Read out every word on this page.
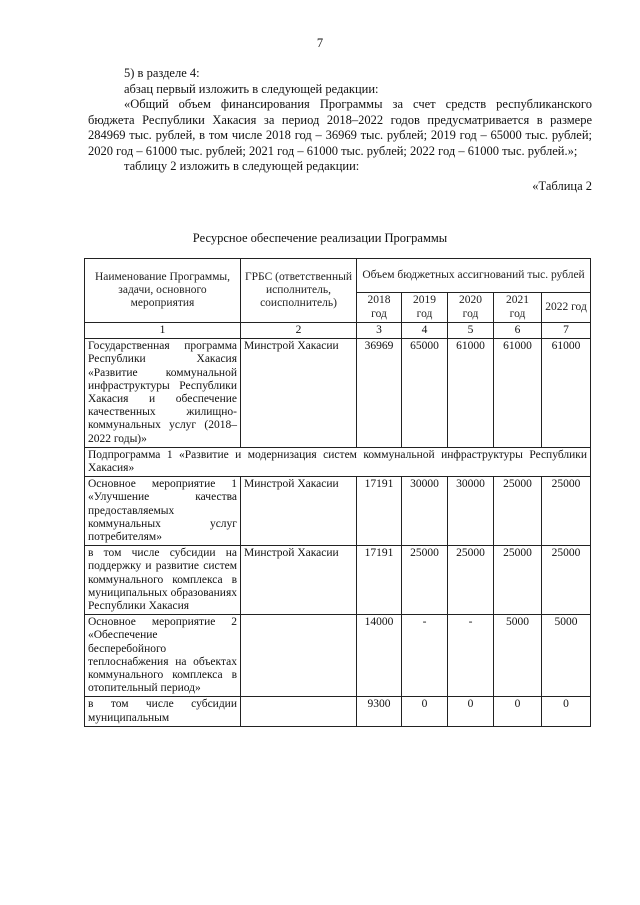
7

5) в разделе 4:

абзац первый изложить в следующей редакции:

«Общий объем финансирования Программы за счет средств республиканского бюджета Республики Хакасия за период 2018–2022 годов предусматривается в размере 284969 тыс. рублей, в том числе 2018 год – 36969 тыс. рублей; 2019 год – 65000 тыс. рублей; 2020 год – 61000 тыс. рублей; 2021 год – 61000 тыс. рублей; 2022 год – 61000 тыс. рублей.»;

таблицу 2 изложить в следующей редакции:

«Таблица 2

Ресурсное обеспечение реализации Программы
Наименование Программы, задачи, основного мероприятия	ГРБС (ответственный исполнитель, соисполнитель)	Объем бюджетных ассигнований тыс. рублей				
		2018 год	2019 год	2020 год	2021 год	2022 год
1	2	3	4	5	6	7
Государственная программа Республики Хакасия «Развитие коммунальной инфраструктуры Республики Хакасия и обеспечение качественных жилищно-коммунальных услуг (2018–2022 годы)»	Минстрой Хакасии	36969	65000	61000	61000	61000
Подпрограмма 1 «Развитие и модернизация систем коммунальной инфраструктуры Республики Хакасия»						
Основное мероприятие 1 «Улучшение качества предоставляемых коммунальных услуг потребителям»	Минстрой Хакасии	17191	30000	30000	25000	25000
в том числе субсидии на поддержку и развитие систем коммунального комплекса в муниципальных образованиях Республики Хакасия	Минстрой Хакасии	17191	25000	25000	25000	25000
Основное мероприятие 2 «Обеспечение бесперебойного теплоснабжения на объектах коммунального комплекса в отопительный период»		14000	-	-	5000	5000
в том числе субсидии муниципальным		9300	0	0	0	0
